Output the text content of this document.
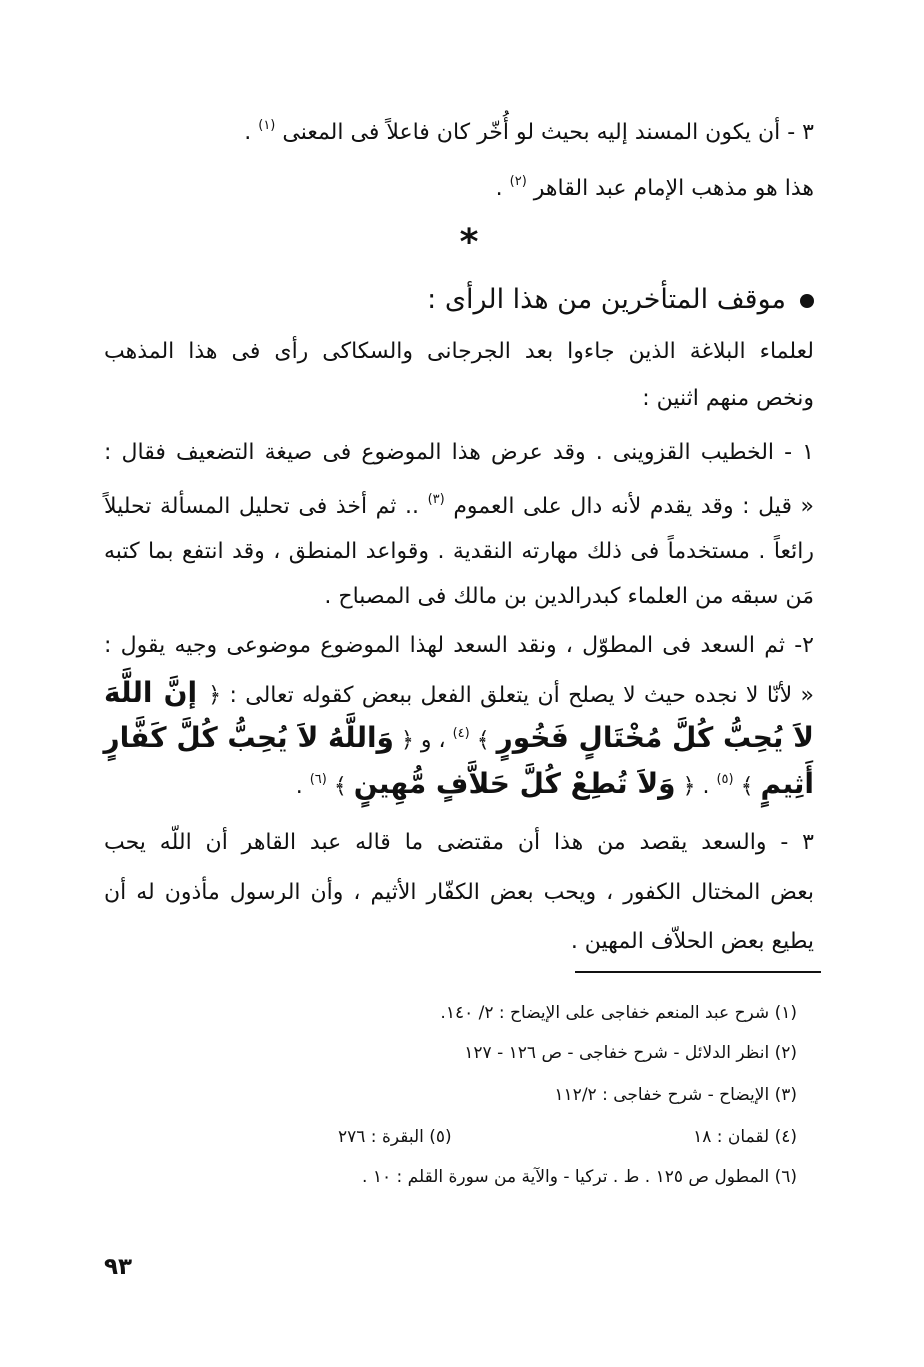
٣ - أن يكون المسند إليه بحيث لو أُخّر كان فاعلاً فى المعنى $^{(١)}$ .
هذا هو مذهب الإمام عبد القاهر $^{(٢)}$ .
*
موقف المتأخرين من هذا الرأى :
لعلماء البلاغة الذين جاءوا بعد الجرجانى والسكاكى رأى فى هذا المذهب
ونخص منهم اثنين :
١ - الخطيب القزوينى . وقد عرض هذا الموضوع فى صيغة التضعيف فقال :
« قيل : وقد يقدم لأنه دال على العموم $^{(٣)}$ .. ثم أخذ فى تحليل المسألة تحليلاً
رائعاً . مستخدماً فى ذلك مهارته النقدية . وقواعد المنطق ، وقد انتفع بما كتبه
مَن سبقه من العلماء كبدرالدين بن مالك فى المصباح .
٢- ثم السعد فى المطوّل ، ونقد السعد لهذا الموضوع موضوعى وجيه يقول :
« لأنّا لا نجده حيث لا يصلح أن يتعلق الفعل ببعض كقوله تعالى : ﴿ إنَّ اللَّهَ
لاَ يُحِبُّ كُلَّ مُخْتَالٍ فَخُورٍ ﴾ $^{(٤)}$ ، و ﴿ وَاللَّهُ لاَ يُحِبُّ كُلَّ كَفَّارٍ
أَثِيمٍ ﴾ $^{(٥)}$ . ﴿ وَلاَ تُطِعْ كُلَّ حَلاَّفٍ مُّهِينٍ ﴾ $^{(٦)}$ .
٣ - والسعد يقصد من هذا أن مقتضى ما قاله عبد القاهر أن اللّه يحب
بعض المختال الكفور ، ويحب بعض الكفّار الأثيم ، وأن الرسول مأذون له أن
يطيع بعض الحلاّف المهين .
(١) شرح عبد المنعم خفاجى على الإيضاح : ٢/ ١٤٠.
(٢) انظر الدلائل - شرح خفاجى - ص ١٢٦ - ١٢٧
(٣) الإيضاح - شرح خفاجى : ١١٢/٢
(٤) لقمان : ١٨
(٥) البقرة : ٢٧٦
(٦) المطول ص ١٢٥ . ط . تركيا - والآية من سورة القلم : ١٠ .
٩٣
